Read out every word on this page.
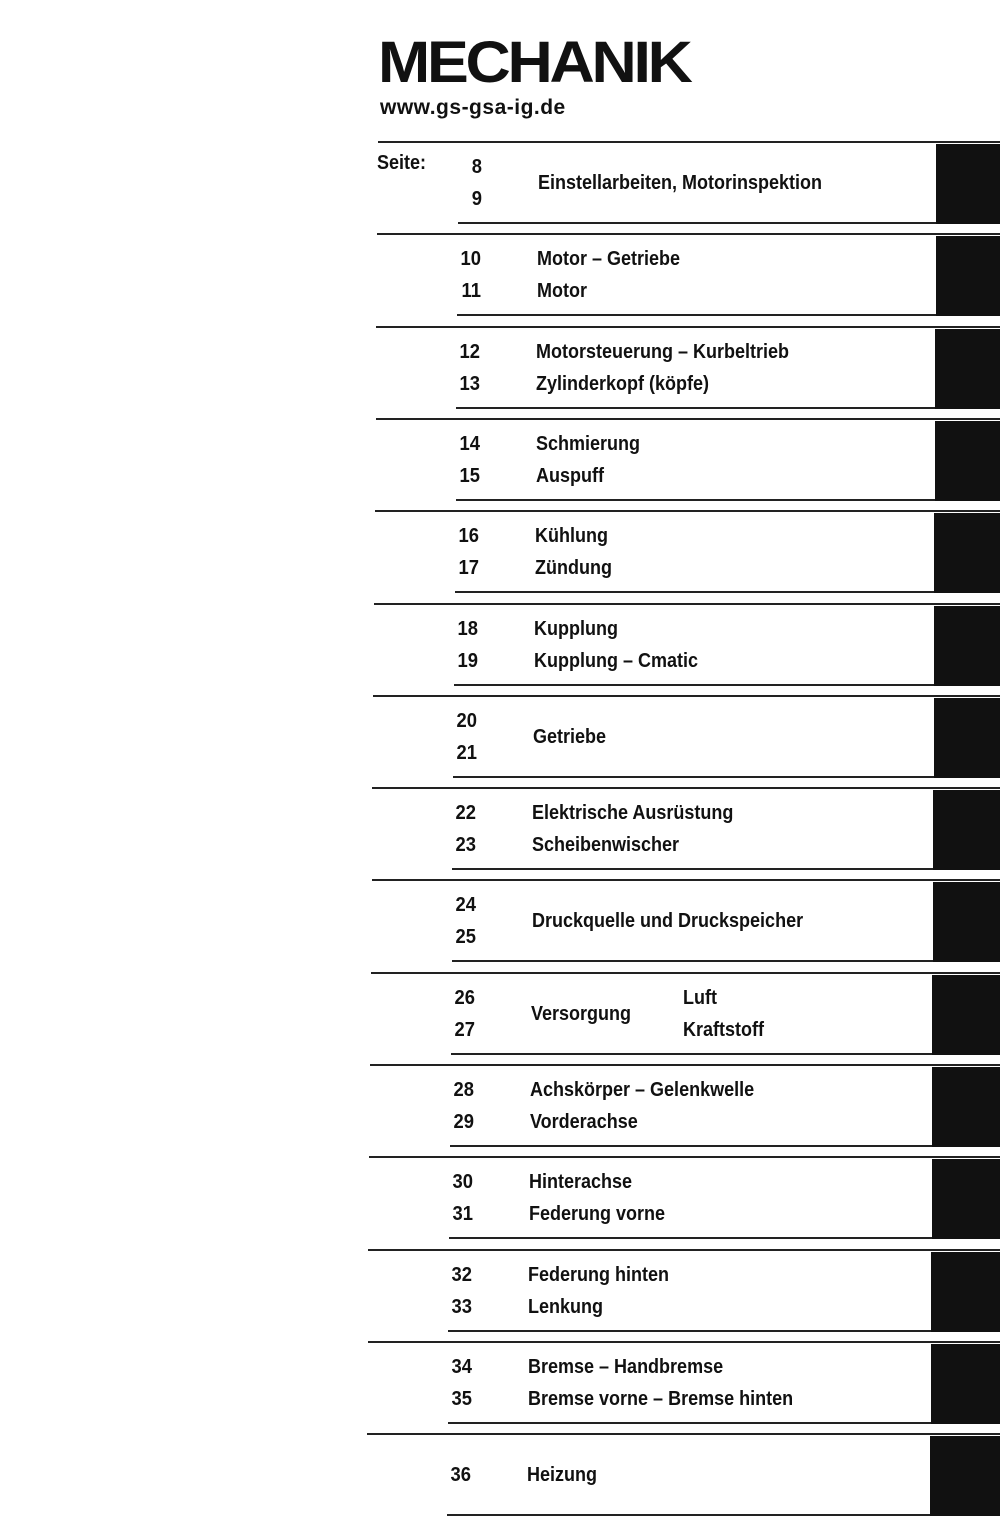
MECHANIK
www.gs-gsa-ig.de
Seite:	8
9
Einstellarbeiten, Motorinspektion
10
11
Motor – Getriebe
Motor
12
13
Motorsteuerung – Kurbeltrieb
Zylinderkopf (köpfe)
14
15
Schmierung
Auspuff
16
17
Kühlung
Zündung
18
19
Kupplung
Kupplung – Cmatic
20
21
Getriebe
22
23
Elektrische Ausrüstung
Scheibenwischer
24
25
Druckquelle und Druckspeicher
26
27
Luft
Kraftstoff
Versorgung
28
29
Achskörper – Gelenkwelle
Vorderachse
30
31
Hinterachse
Federung vorne
32
33
Federung hinten
Lenkung
34
35
Bremse – Handbremse
Bremse vorne – Bremse hinten
36	Heizung
